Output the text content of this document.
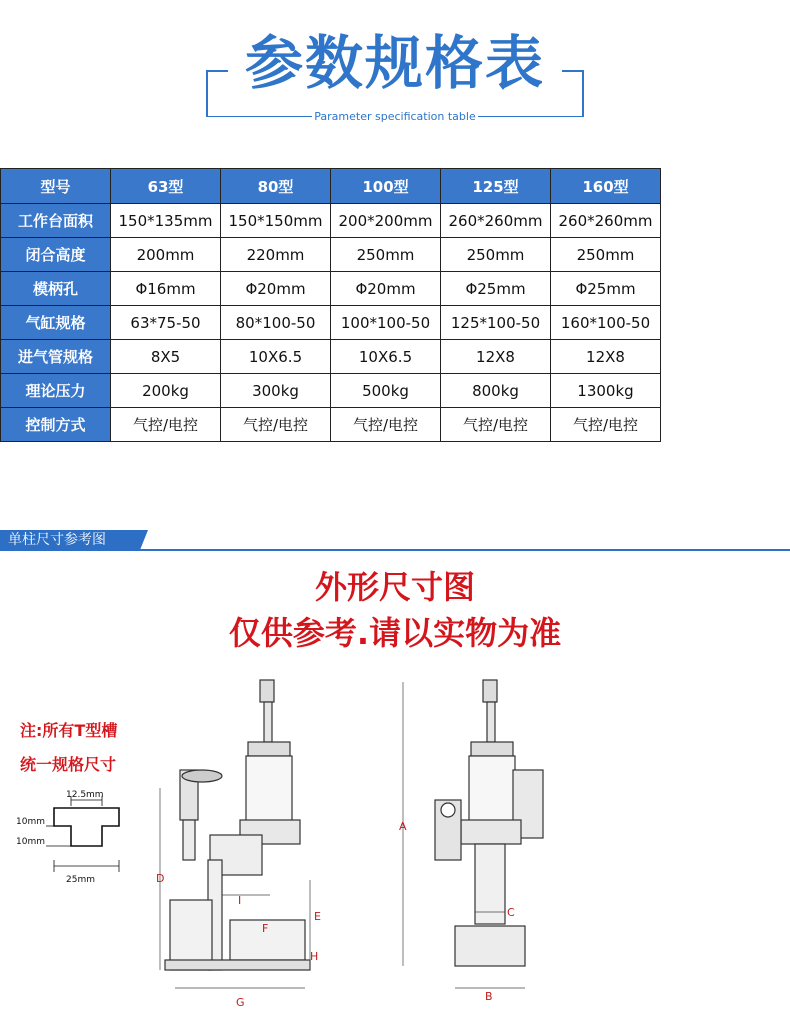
参数规格表
Parameter specification table
型号	63型	80型	100型	125型	160型
工作台面积	150*135mm	150*150mm	200*200mm	260*260mm	260*260mm
闭合高度	200mm	220mm	250mm	250mm	250mm
模柄孔	Φ16mm	Φ20mm	Φ20mm	Φ25mm	Φ25mm
气缸规格	63*75-50	80*100-50	100*100-50	125*100-50	160*100-50
进气管规格	8X5	10X6.5	10X6.5	12X8	12X8
理论压力	200kg	300kg	500kg	800kg	1300kg
控制方式	气控/电控	气控/电控	气控/电控	气控/电控	气控/电控
单柱尺寸参考图
外形尺寸图
仅供参考.请以实物为准
注:所有T型槽
统一规格尺寸
12.5mm
10mm
10mm
25mm	D
G
E
H
I
F
A
B
C
